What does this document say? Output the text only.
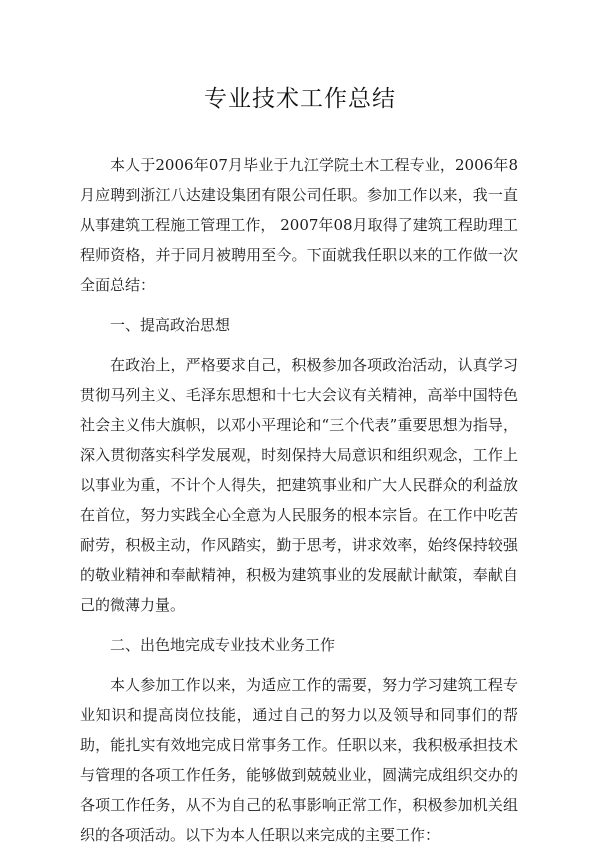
专业技术工作总结

本人于2006年07月毕业于九江学院土木工程专业，2006年8月应聘到浙江八达建设集团有限公司任职。参加工作以来，我一直从事建筑工程施工管理工作， 2007年08月取得了建筑工程助理工程师资格，并于同月被聘用至今。下面就我任职以来的工作做一次全面总结：

一、提高政治思想

在政治上，严格要求自己，积极参加各项政治活动，认真学习贯彻马列主义、毛泽东思想和十七大会议有关精神，高举中国特色社会主义伟大旗帜，以邓小平理论和“三个代表”重要思想为指导，深入贯彻落实科学发展观，时刻保持大局意识和组织观念，工作上以事业为重，不计个人得失，把建筑事业和广大人民群众的利益放在首位，努力实践全心全意为人民服务的根本宗旨。在工作中吃苦耐劳，积极主动，作风踏实，勤于思考，讲求效率，始终保持较强的敬业精神和奉献精神，积极为建筑事业的发展献计献策，奉献自己的微薄力量。

二、出色地完成专业技术业务工作

本人参加工作以来，为适应工作的需要，努力学习建筑工程专业知识和提高岗位技能，通过自己的努力以及领导和同事们的帮助，能扎实有效地完成日常事务工作。任职以来，我积极承担技术与管理的各项工作任务，能够做到兢兢业业，圆满完成组织交办的各项工作任务，从不为自己的私事影响正常工作，积极参加机关组织的各项活动。以下为本人任职以来完成的主要工作：
